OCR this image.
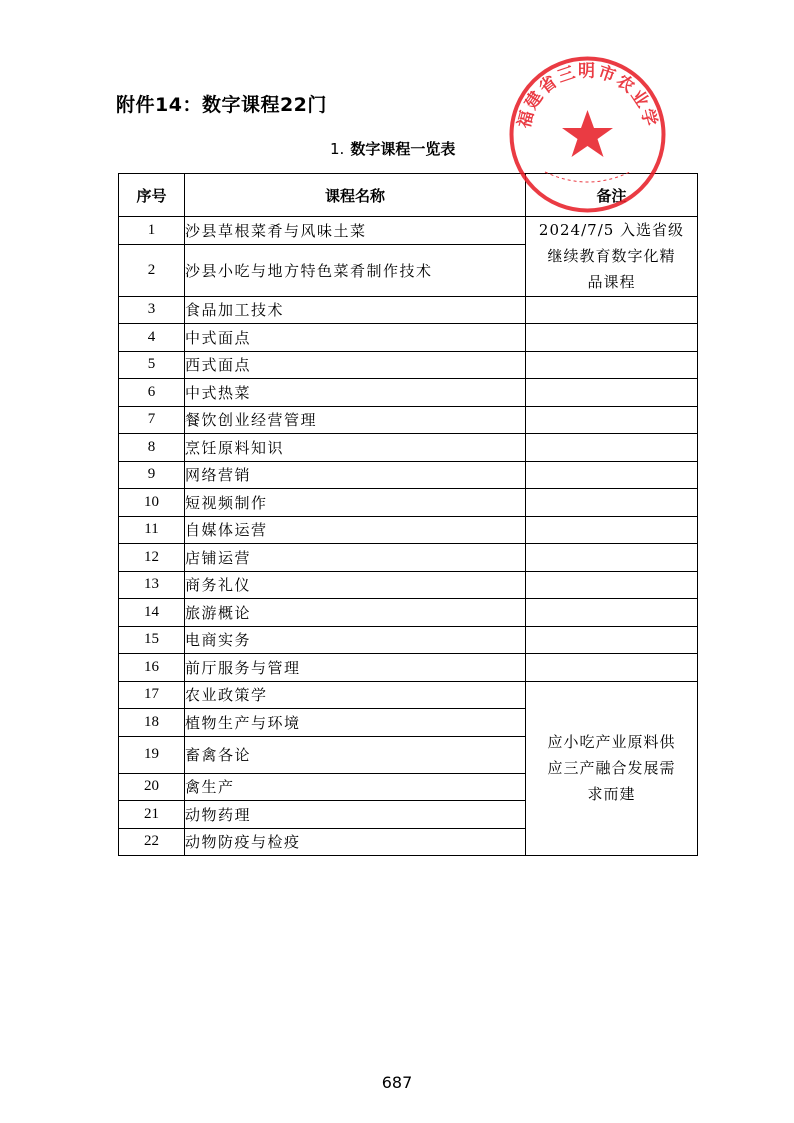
附件14：数字课程22门
1. 数字课程一览表
序号	课程名称	备注
1	沙县草根菜肴与风味土菜	2024/7/5 入选省级
继续教育数字化精
品课程

2	沙县小吃与地方特色菜肴制作技术	
3	食品加工技术	
4	中式面点	
5	西式面点	
6	中式热菜	
7	餐饮创业经营管理	
8	烹饪原料知识	
9	网络营销	
10	短视频制作	
11	自媒体运营	
12	店铺运营	
13	商务礼仪	
14	旅游概论	
15	电商实务	
16	前厅服务与管理	
17	农业政策学	应小吃产业原料供
应三产融合发展需
求而建

18	植物生产与环境	
19	畜禽各论	
20	禽生产	
21	动物药理	
22	动物防疫与检疫	
福建省三明市农业学
687
